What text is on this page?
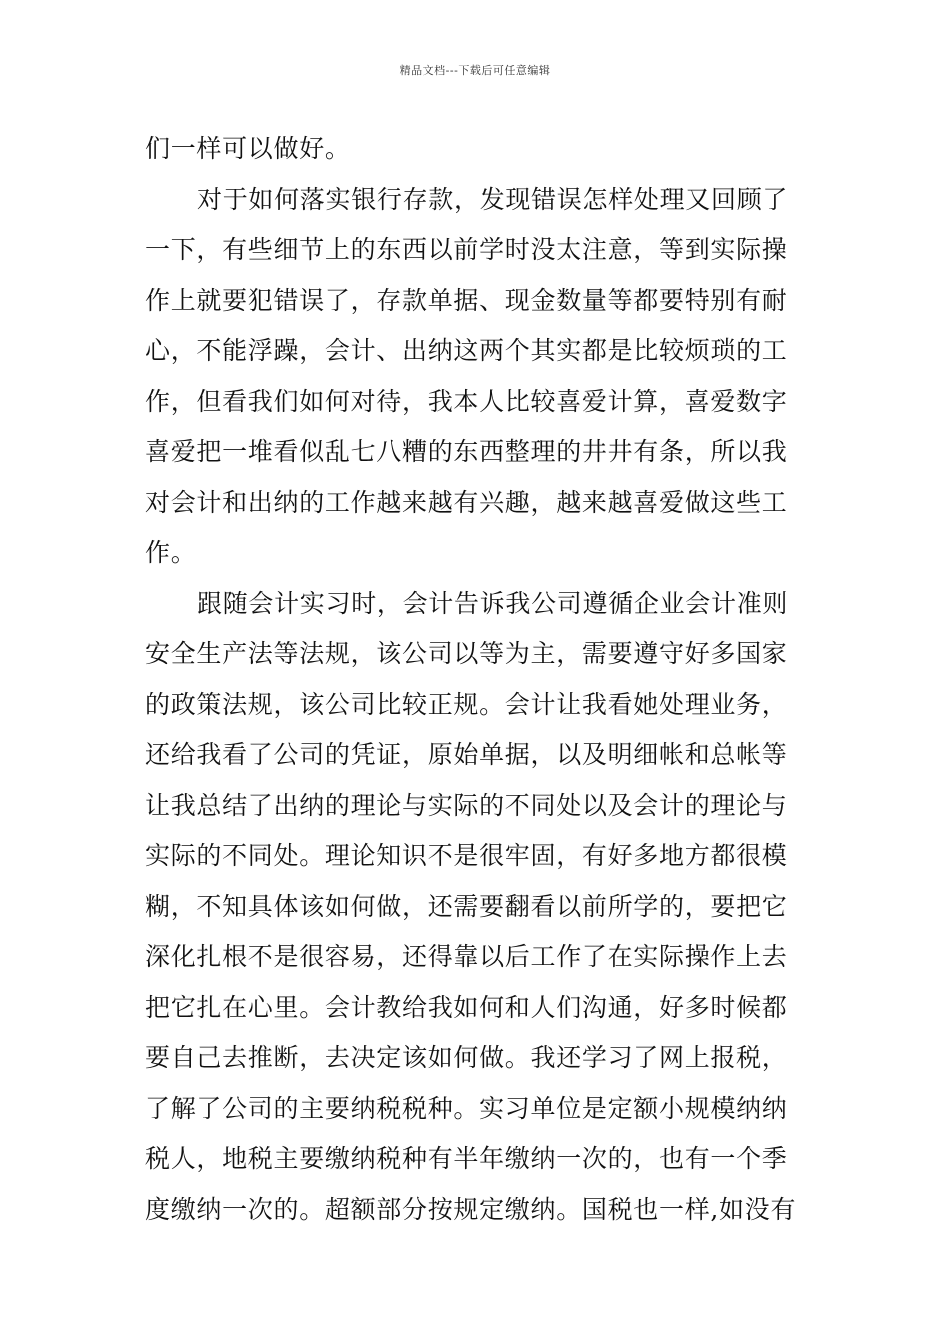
精品文档---下载后可任意编辑
们一样可以做好。
对于如何落实银行存款，发现错误怎样处理又回顾了
一下，有些细节上的东西以前学时没太注意，等到实际操
作上就要犯错误了，存款单据、现金数量等都要特别有耐
心，不能浮躁，会计、出纳这两个其实都是比较烦琐的工
作，但看我们如何对待，我本人比较喜爱计算，喜爱数字
喜爱把一堆看似乱七八糟的东西整理的井井有条，所以我
对会计和出纳的工作越来越有兴趣，越来越喜爱做这些工
作。
跟随会计实习时，会计告诉我公司遵循企业会计准则
安全生产法等法规，该公司以等为主，需要遵守好多国家
的政策法规，该公司比较正规。会计让我看她处理业务，
还给我看了公司的凭证，原始单据，以及明细帐和总帐等
让我总结了出纳的理论与实际的不同处以及会计的理论与
实际的不同处。理论知识不是很牢固，有好多地方都很模
糊，不知具体该如何做，还需要翻看以前所学的，要把它
深化扎根不是很容易，还得靠以后工作了在实际操作上去
把它扎在心里。会计教给我如何和人们沟通，好多时候都
要自己去推断，去决定该如何做。我还学习了网上报税，
了解了公司的主要纳税税种。实习单位是定额小规模纳纳
税人，地税主要缴纳税种有半年缴纳一次的，也有一个季
度缴纳一次的。超额部分按规定缴纳。国税也一样,如没有
